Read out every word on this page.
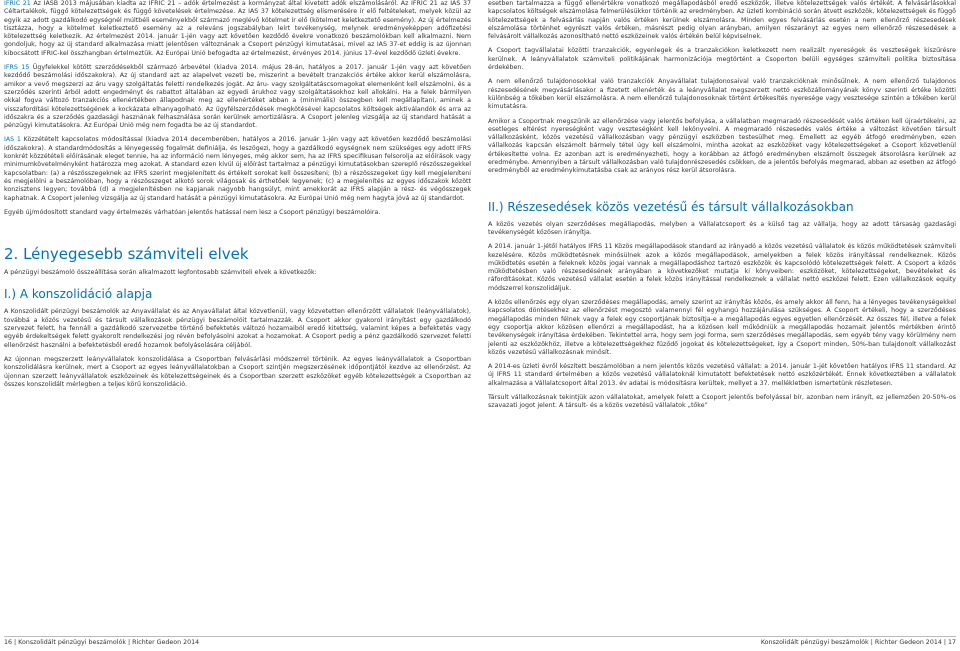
IFRIC 21 Az IASB 2013 májusában kiadta az IFRIC 21 – adók értelmezést a kormányzat által kivetett adók elszámolásáról. Az IFRIC 21 az IAS 37 Céltartalékok, függő kötelezettségek és függő követelések értelmezése. Az IAS 37 kötelezettség elismerésére ír elő feltételeket, melyek közül az egyik az adott gazdálkodó egységnél múltbéli eseményekből származó meglévő kötelmet ír elő (kötelmet keletkeztető esemény). Az új értelmezés tisztázza, hogy a kötelmet keletkeztető esemény az a releváns jogszabályban leírt tevékenység, melynek eredményeképpen adófizetési kötelezettség keletkezik. Az értelmezést 2014. január 1-jén vagy azt követően kezdődő évekre vonatkozó beszámolókban kell alkalmazni. Nem gondoljuk, hogy az új standard alkalmazása miatt jelentősen változnának a Csoport pénzügyi kimutatásai, mivel az IAS 37-et eddig is az újonnan kibocsátott IFRIC-kel összhangban értelmeztük. Az Európai Unió befogadta az értelmezést, érvényes 2014. június 17-ével kezdődő üzleti évekre.

IFRS 15 Ügyfelekkel kötött szerződésekből származó árbevétel (kiadva 2014. május 28-án, hatályos a 2017. január 1-jén vagy azt követően kezdődő beszámolási időszakokra). Az új standard azt az alapelvet vezeti be, miszerint a bevételt tranzakciós értéke akkor kerül elszámolásra, amikor a vevő megszerzi az áru vagy szolgáltatás feletti rendelkezés jogát. Az áru- vagy szolgáltatáscsomagokat elemenként kell elszámolni, és a szerződés szerinti árból adott engedményt és rabattot általában az egyedi árukhoz vagy szolgáltatásokhoz kell allokálni. Ha a felek bármilyen okkal fogva változó tranzakciós ellenértékben állapodnak meg az ellenértéket abban a (minimális) összegben kell megállapítani, aminek a visszafordítási kötelezettségének a kockázata elhanyagolható. Az ügyfélszerződések megkötésével kapcsolatos költségek aktiválandók és arra az időszakra és a szerződés gazdasági hasznának felhasználása során kerülnek amortizálásra. A Csoport jelenleg vizsgálja az új standard hatását a pénzügyi kimutatásokra. Az Európai Unió még nem fogadta be az új standardot.

IAS 1 Közzétételt kapcsolatos módosítással (kiadva 2014 decemberében, hatályos a 2016. január 1-jén vagy azt követően kezdődő beszámolási időszakokra). A standardmódosítás a lényegesség fogalmát definiálja, és leszögezi, hogy a gazdálkodó egységnek nem szükséges egy adott IFRS konkrét közzétételi előírásának eleget tennie, ha az információ nem lényeges, még akkor sem, ha az IFRS specifikusan felsorolja az előírások vagy minimumkövetelményként határozza meg azokat. A standard ezen kívül új előírást tartalmaz a pénzügyi kimutatásokban szereplő részösszegekkel kapcsolatban: (a) a részösszegeknek az IFRS szerint megjelenített és értékelt sorokat kell összesíteni; (b) a részösszegeket úgy kell megjeleníteni és megjelölni a beszámolóban, hogy a részösszeget alkotó sorok világosak és érthetőek legyenek; (c) a megjelenítés az egyes időszakok között konzisztens legyen; továbbá (d) a megjelenítésben ne kapjanak nagyobb hangsúlyt, mint amekkorát az IFRS alapján a rész- és végösszegek kaphatnak. A Csoport jelenleg vizsgálja az új standard hatását a pénzügyi kimutatásokra. Az Európai Unió még nem hagyta jóvá az új standardot.

Egyéb új/módosított standard vagy értelmezés várhatóan jelentős hatással nem lesz a Csoport pénzügyi beszámolóira.

2. Lényegesebb számviteli elvek

A pénzügyi beszámoló összeállítása során alkalmazott legfontosabb számviteli elvek a következők:

I.) A konszolidáció alapja

A Konszolidált pénzügyi beszámolók az Anyavállalat és az Anyavállalat által közvetlenül, vagy közvetetten ellenőrzött vállalatok (leányvállalatok), továbbá a közös vezetésű és társult vállalkozások pénzügyi beszámolóit tartalmazzák. A Csoport akkor gyakorol irányítást egy gazdálkodó szervezet felett, ha fennáll a gazdálkodó szervezetbe történő befektetés változó hozamaiból eredő kitettség, valamint képes a befektetés vagy egyéb érdekeltségek felett gyakorolt rendelkezési jog révén befolyásolni azokat a hozamokat. A Csoport pedig a pénz gazdálkodó szervezet feletti ellenőrzést használni a befektetésből eredő hozamok befolyásolására céljából.

Az újonnan megszerzett leányvállalatok konszolidálása a Csoportban felvásárlási módszerrel történik. Az egyes leányvállalatok a Csoportban konszolidálásra kerülnek, mert a Csoport az egyes leányvállalatokban a Csoport szintjén megszerzésének időpontjától kezdve az ellenőrzést. Az újonnan szerzett leányvállalatok eszközeinek és kötelezettségeinek és a Csoportban szerzett eszközöket egyéb kötelezettségek a Csoportban az összes konszolidált mérlegben a teljes körű konszolidáció.

esetben tartalmazza a függő ellenértékre vonatkozó megállapodásból eredő eszközök, illetve kötelezettségek valós értékét. A felvásárlásokkal kapcsolatos költségek elszámolása felmerülésükkor történik az eredményben. Az üzleti kombináció során átvett eszközök, kötelezettségek és függő kötelezettségek a felvásárlás napján valós értéken kerülnek elszámolásra. Minden egyes felvásárlás esetén a nem ellenőrző részesedések elszámolása történhet egyrészt valós értéken, másrészt pedig olyan arányban, amilyen részarányt az egyes nem ellenőrző részesedések a felvásárolt vállalkozás azonosítható nettó eszközeinek valós értékén belül képviselnek.

A Csoport tagvállalatai közötti tranzakciók, egyenlegek és a tranzakciókon keletkezett nem realizált nyereségek és veszteségek kiszűrésre kerülnek. A leányvállalatok számviteli politikájának harmonizációja megtörtént a Csoporton belüli egységes számviteli politika biztosítása érdekében.

A nem ellenőrző tulajdonosokkal való tranzakciók Anyavállalat tulajdonosaival való tranzakcióknak minősülnek. A nem ellenőrző tulajdonos részesedésének megvásárlásakor a fizetett ellenérték és a leányvállalat megszerzett nettó eszközállományának könyv szerinti értéke közötti különbség a tőkében kerül elszámolásra. A nem ellenőrző tulajdonosoknak történt értékesítés nyeresége vagy vesztesége szintén a tőkében kerül kimutatásra.

Amikor a Csoportnak megszűnik az ellenőrzése vagy jelentős befolyása, a vállalatban megmaradó részesedését valós értéken kell újraértékelni, az esetleges eltérést nyereségként vagy veszteségként kell lekönyvelni. A megmaradó részesedés valós értéke a változást követően társult vállalkozásként, közös vezetésű vállalkozásban vagy pénzügyi eszközben testesülhet meg. Emellett az egyéb átfogó eredményben, ezen vállalkozás kapcsán elszámolt bármely tétel úgy kell elszámolni, mintha azokat az eszközöket vagy kötelezettségeket a Csoport közvetlenül értékesítette volna. Ez azonban azt is eredményezheti, hogy a korábban az átfogó eredményben elszámolt összegek átsorolásra kerülnek az eredménybe. Amennyiben a társult vállalkozásban való tulajdonrészesedés csökken, de a jelentős befolyás megmarad, abban az esetben az átfogó eredményből az eredménykimutatásba csak az arányos rész kerül átsorolásra.

II.) Részesedések közös vezetésű és társult vállalkozásokban

A közös vezetés olyan szerződéses megállapodás, melyben a Vállalatcsoport és a külső tag az vállalja, hogy az adott társaság gazdasági tevékenységét közösen irányítja.

A 2014. január 1-jétől hatályos IFRS 11 Közös megállapodások standard az irányadó a közös vezetésű vállalatok és közös működtetések számviteli kezelésére. Közös működtetésnek minősülnek azok a közös megállapodások, amelyekben a felek közös irányítással rendelkeznek. Közös működtetés esetén a feleknek közös jogai vannak a megállapodáshoz tartozó eszközök és kapcsolódó kötelezettségek felett. A Csoport a közös működtetésben való részesedésének arányában a következőket mutatja ki könyveiben: eszközöket, kötelezettségeket, bevételeket és ráfordításokat. Közös vezetésű vállalat esetén a felek közös irányítással rendelkeznek a vállalat nettó eszközei felett. Ezen vállalkozások equity módszerrel konszolidáljuk.

A közös ellenőrzés egy olyan szerződéses megállapodás, amely szerint az irányítás közös, és amely akkor áll fenn, ha a lényeges tevékenységekkel kapcsolatos döntésekhez az ellenőrzést megosztó valamennyi fél egyhangú hozzájárulása szükséges. A Csoport értékeli, hogy a szerződéses megállapodás minden félnek vagy a felek egy csoportjának biztosítja-e a megállapodás egyes egyetlen ellenőrzését. Az összes fél, illetve a felek egy csoportja akkor közösen ellenőrzi a megállapodást, ha a közösen kell működniük a megállapodás hozamait jelentős mértékben érintő tevékenységek irányítása érdekében. Tekintettel arra, hogy sem jogi forma, sem szerződéses megállapodás, sem egyéb tény vagy körülmény nem jelenti az eszközökhöz, illetve a kötelezettségekhez fűződő jogokat és kötelezettségeket, így a Csoport minden, 50%-ban tulajdonolt vállalkozást közös vezetésű vállalkozásnak minősít.

A 2014-es üzleti évről készített beszámolóban a nem jelentős közös vezetésű vállalat: a 2014. január 1-jét követően hatályos IFRS 11 standard. Az új IFRS 11 standard értelmében a közös vezetésű vállalatoknál kimutatott befektetések nettó eszközértékét. Ennek következtében a vállalatok alkalmazása a Vállalatcsoport által 2013. év adatai is módosításra kerültek, mellyet a 37. mellékletben ismertetünk részletesen.

Társult vállalkozásnak tekintjük azon vállalatokat, amelyek felett a Csoport jelentős befolyással bír, azonban nem irányít, ez jellemzően 20-50%-os szavazati jogot jelent. A társult- és a közös vezetésű vállalatok „tőke”

16 | Konszolidált pénzügyi beszámolók | Richter Gedeon 2014	Konszolidált pénzügyi beszámolók | Richter Gedeon 2014 | 17
